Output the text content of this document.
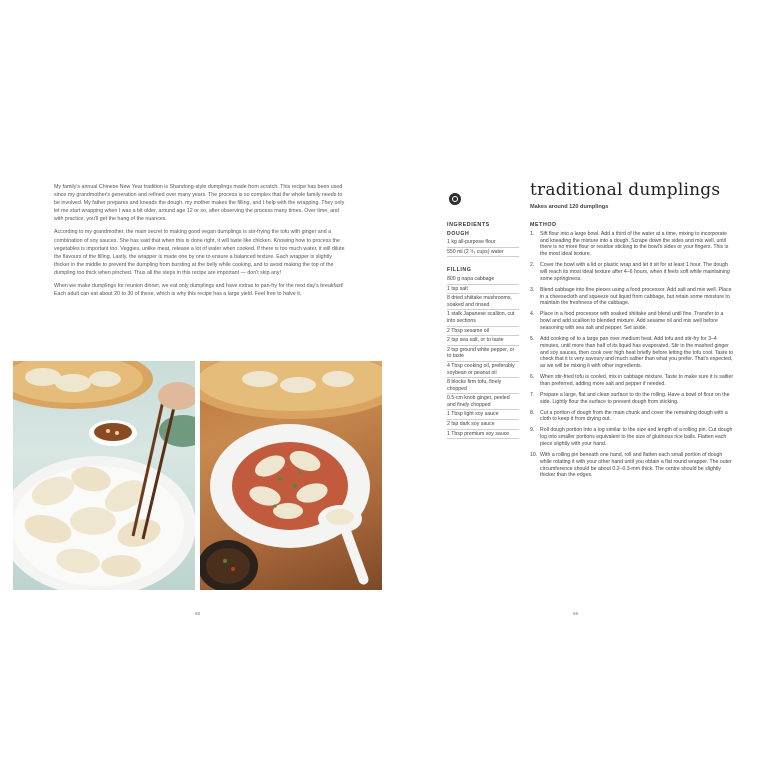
My family's annual Chinese New Year tradition is Shandong-style dumplings made from scratch. This recipe has been used since my grandmother's generation and refined over many years. The process is so complex that the whole family needs to be involved. My father prepares and kneads the dough, my mother makes the filling, and I help with the wrapping. They only let me start wrapping when I was a bit older, around age 12 or so, after observing the process many times. Over time, and with practice, you'll get the hang of the nuances.

According to my grandmother, the main secret to making good vegan dumplings is stir-frying the tofu with ginger and a combination of soy sauces. She has said that when this is done right, it will taste like chicken. Knowing how to process the vegetables is important too. Veggies, unlike meat, release a lot of water when cooked. If there is too much water, it will dilute the flavours of the filling. Lastly, the wrapper is made one by one to ensure a balanced texture. Each wrapper is slightly thicker in the middle to prevent the dumpling from bursting at the belly while cooking, and to avoid making the top of the dumpling too thick when pinched. Thus all the steps in this recipe are important — don't skip any!

When we make dumplings for reunion dinner, we eat only dumplings and have extras to pan-fry for the next day's breakfast! Each adult can eat about 20 to 30 of these, which is why this recipe has a large yield. Feel free to halve it.

68
traditional dumplings
Makes around 120 dumplings
INGREDIENTS
DOUGH
1 kg all-purpose flour
550 ml (2 ¹/₃ cups) water
FILLING
800 g napa cabbage
1 tsp salt
8 dried shiitake mushrooms, soaked and rinsed
1 stalk Japanese scallion, cut into sections
2 Tbsp sesame oil
2 tsp sea salt, or to taste
2 tsp ground white pepper, or to taste
4 Tbsp cooking oil, preferably soybean or peanut oil
8 blocks firm tofu, finely chopped
0.5-cm knob ginger, peeled and finely chopped
1 Tbsp light soy sauce
2 tsp dark soy sauce
1 Tbsp premium soy sauce
METHOD
1. Sift flour into a large bowl. Add a third of the water at a time, mixing to incorporate and kneading the mixture into a dough. Scrape down the sides and mix well, until there is no more flour or residue sticking to the bowl's sides or your fingers. This is the most ideal texture.
2. Cover the bowl with a lid or plastic wrap and let it sit for at least 1 hour. The dough will reach its most ideal texture after 4–6 hours, when it feels soft while maintaining some springiness.
3. Blend cabbage into fine pieces using a food processor. Add salt and mix well. Place in a cheesecloth and squeeze out liquid from cabbage, but retain some moisture to maintain the freshness of the cabbage.
4. Place in a food processor with soaked shiitake and blend until fine. Transfer to a bowl and add scallion to blended mixture. Add sesame oil and mix well before seasoning with sea salt and pepper. Set aside.
5. Add cooking oil to a large pan over medium heat. Add tofu and stir-fry for 3–4 minutes, until more than half of its liquid has evaporated. Stir in the mashed ginger and soy sauces, then cook over high heat briefly before letting the tofu cool. Taste to check that it is very savoury and much saltier than what you prefer. That's expected, as we will be mixing it with other ingredients.
6. When stir-fried tofu is cooled, mix in cabbage mixture. Taste to make sure it is saltier than preferred, adding more salt and pepper if needed.
7. Prepare a large, flat and clean surface to do the rolling. Have a bowl of flour on the side. Lightly flour the surface to prevent dough from sticking.
8. Cut a portion of dough from the main chunk and cover the remaining dough with a cloth to keep it from drying out.
9. Roll dough portion into a log similar to the size and length of a rolling pin. Cut dough log into smaller portions equivalent to the size of glutinous rice balls. Flatten each piece slightly with your hand.
10. With a rolling pin beneath one hand, roll and flatten each small portion of dough while rotating it with your other hand until you obtain a flat round wrapper. The outer circumference should be about 0.2–0.3-mm thick. The centre should be slightly thicker than the edges.
69
